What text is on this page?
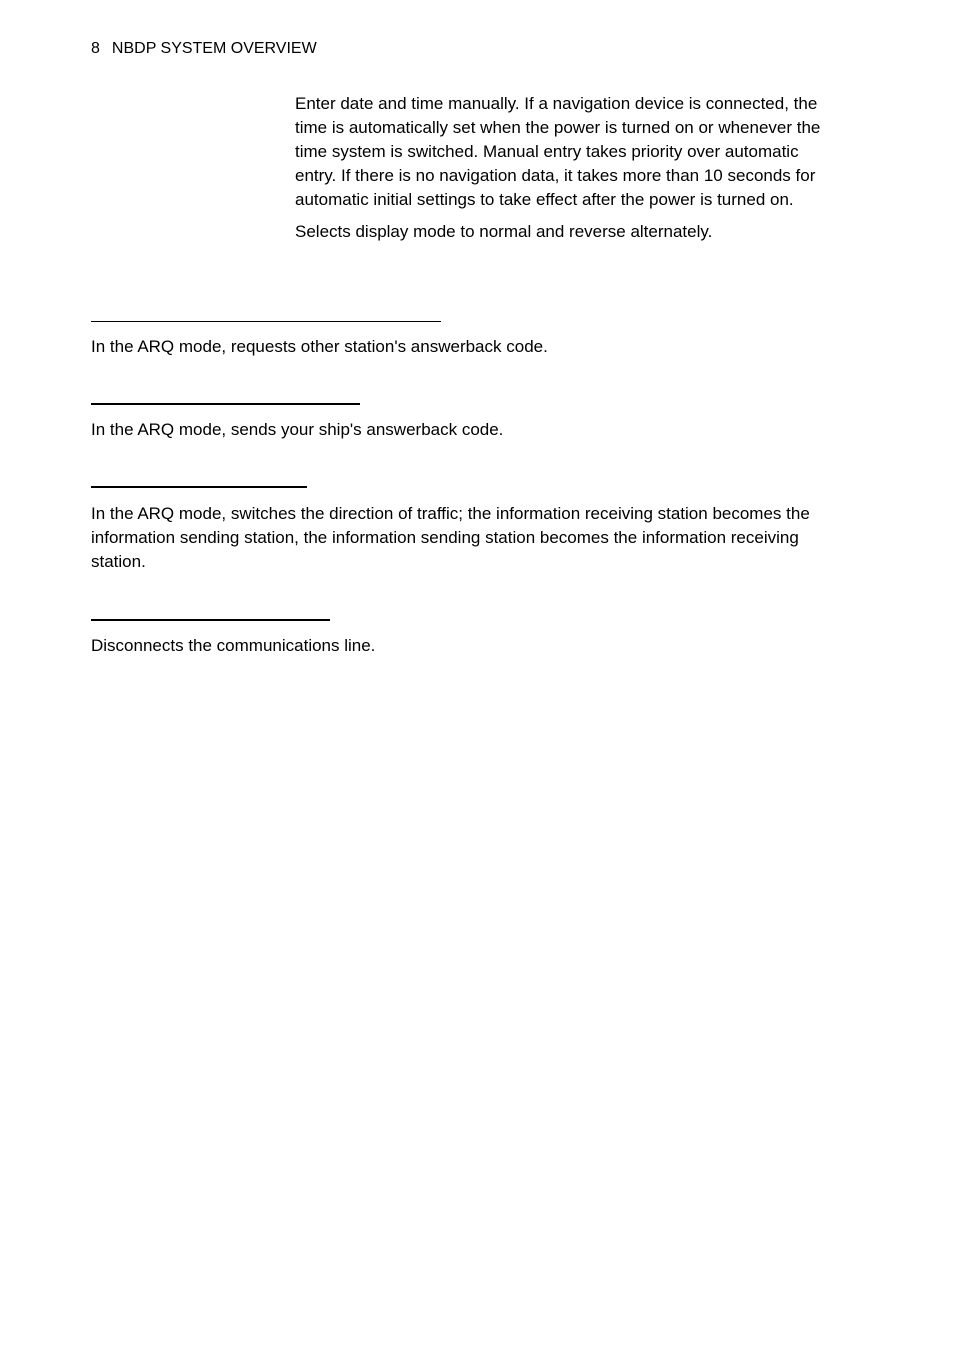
8 NBDP SYSTEM OVERVIEW

Enter date and time manually. If a navigation device is connected, the time is automatically set when the power is turned on or whenever the time system is switched. Manual entry takes priority over automatic entry. If there is no navigation data, it takes more than 10 seconds for automatic initial settings to take effect after the power is turned on.

Selects display mode to normal and reverse alternately.

In the ARQ mode, requests other station's answerback code.

In the ARQ mode, sends your ship's answerback code.

In the ARQ mode, switches the direction of traffic; the information receiving station becomes the information sending station, the information sending station becomes the information receiving station.

Disconnects the communications line.
